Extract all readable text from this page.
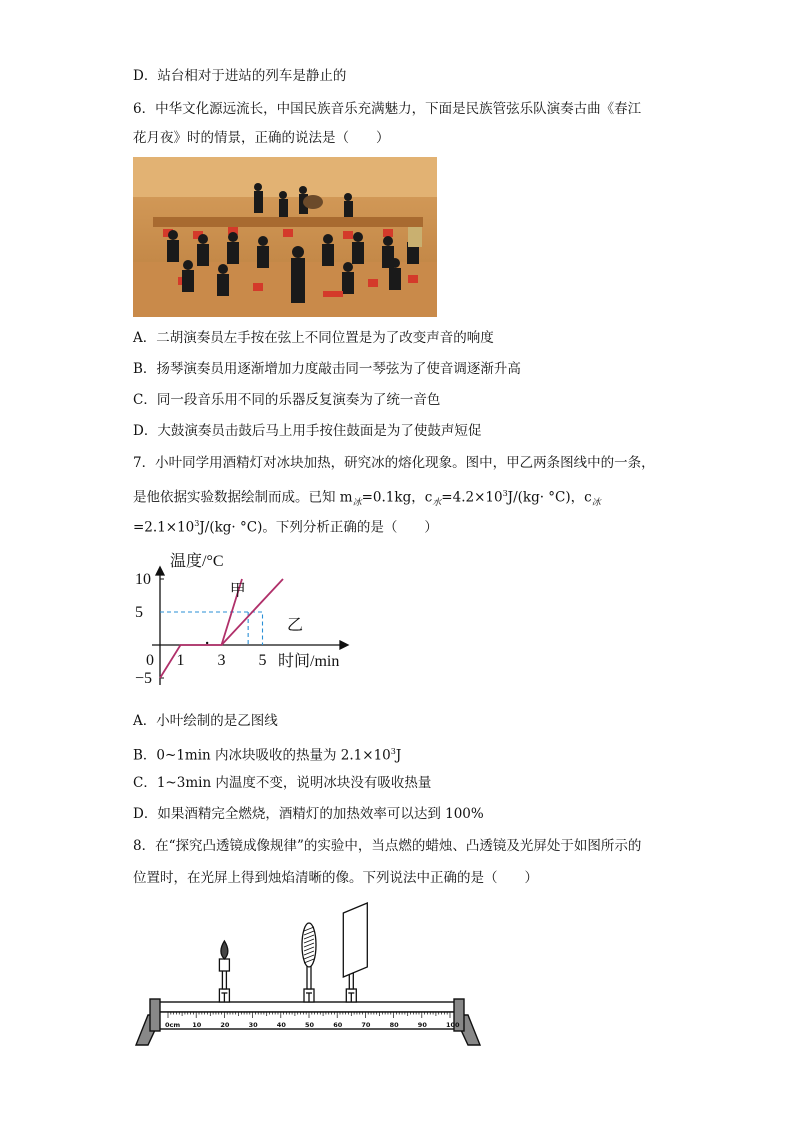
D．站台相对于进站的列车是静止的
6．中华文化源远流长，中国民族音乐充满魅力，下面是民族管弦乐队演奏古曲《春江
花月夜》时的情景，正确的说法是（　　）
A．二胡演奏员左手按在弦上不同位置是为了改变声音的响度
B．扬琴演奏员用逐渐增加力度敲击同一琴弦为了使音调逐渐升高
C．同一段音乐用不同的乐器反复演奏为了统一音色
D．大鼓演奏员击鼓后马上用手按住鼓面是为了使鼓声短促
7．小叶同学用酒精灯对冰块加热，研究冰的熔化现象。图中，甲乙两条图线中的一条，
是他依据实验数据绘制而成。已知 $m_冰=0.1kg$，$c_水=4.2\times 10^3J/(kg\cdot ^\circ C)$，$c_冰$
$=2.1\times 10^3J/(kg\cdot ^\circ C)$。下列分析正确的是（　　）
温度/°C
时间/min
10
5
−5
0 1 3 5
甲
乙
A．小叶绘制的是乙图线
B．0~1min 内冰块吸收的热量为 $2.1\times 10^3J$
C．1~3min 内温度不变，说明冰块没有吸收热量
D．如果酒精完全燃烧，酒精灯的加热效率可以达到 100%
8．在“探究凸透镜成像规律”的实验中，当点燃的蜡烛、凸透镜及光屏处于如图所示的
位置时，在光屏上得到烛焰清晰的像。下列说法中正确的是（　　）
0cm 10	20	30	40	50	60	70	80	90	100
